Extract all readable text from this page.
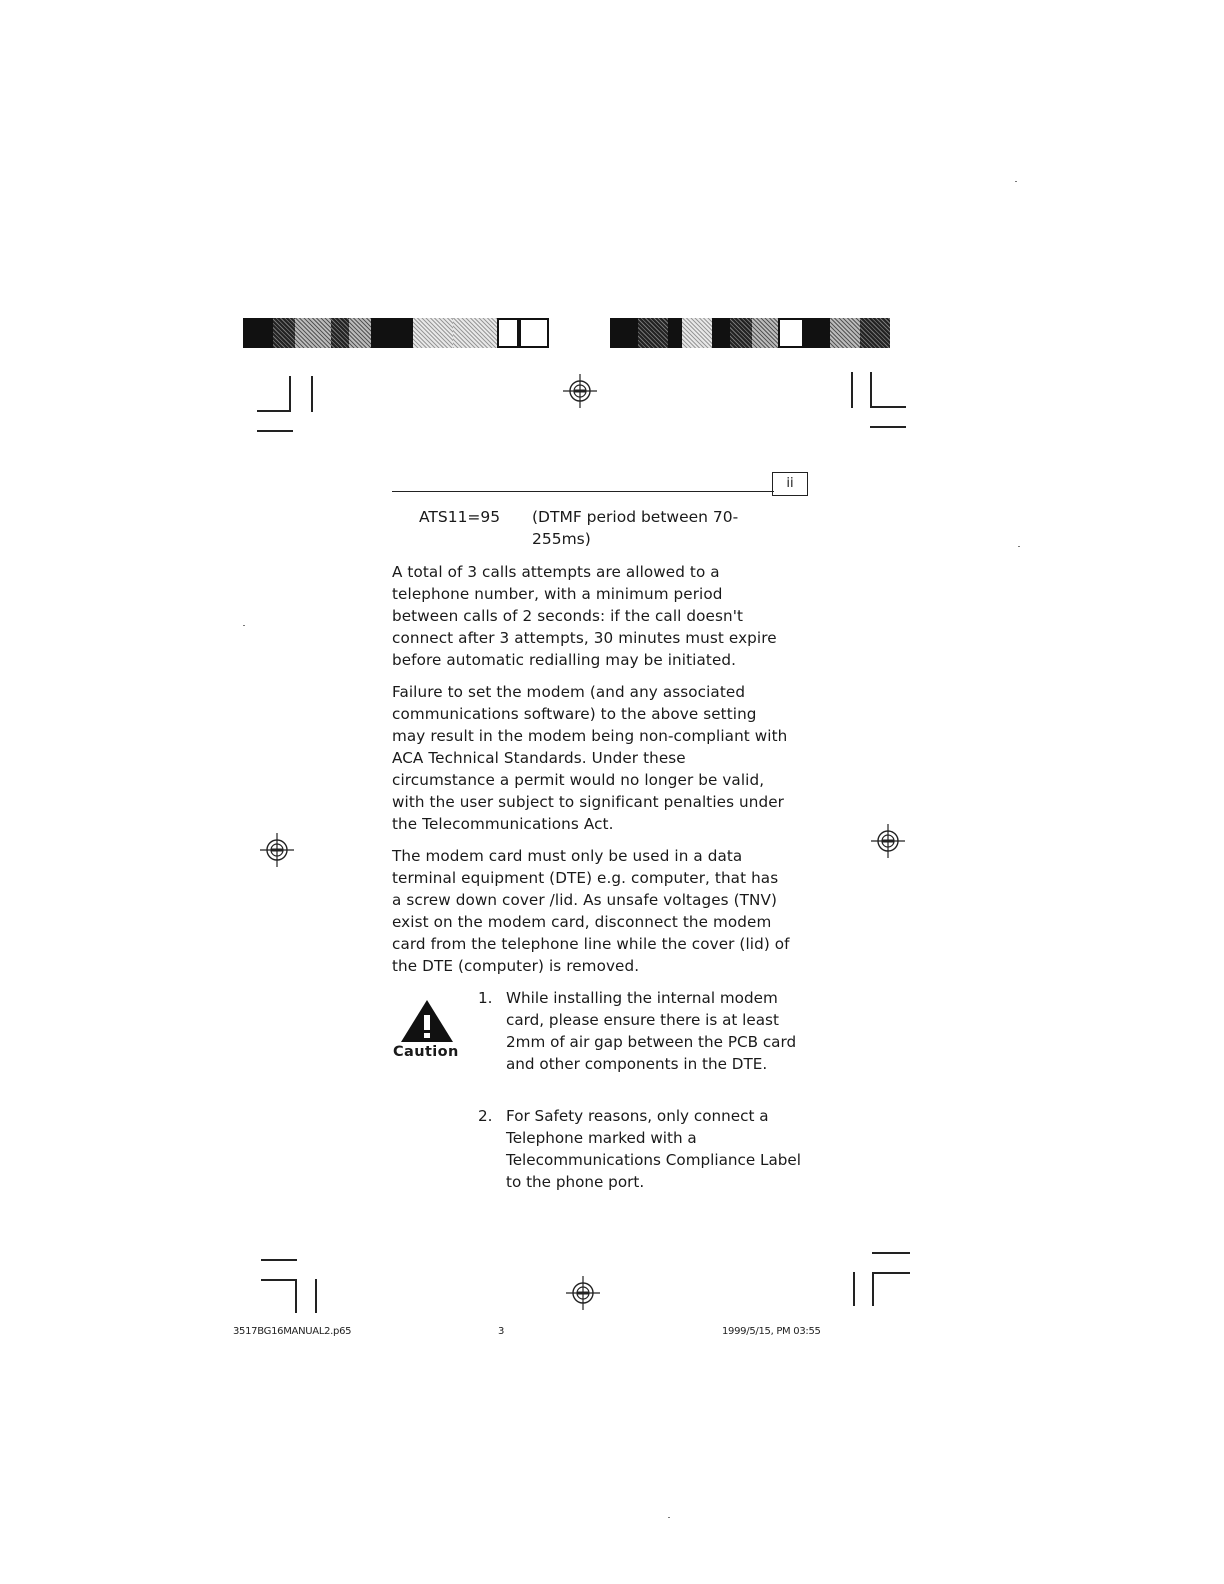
ii
ATS11=95 (DTMF period between 70-255ms)
A total of 3 calls attempts are allowed to a telephone number, with a minimum period between calls of 2 seconds: if the call doesn't connect after 3 attempts, 30 minutes must expire before automatic redialling may be initiated.
Failure to set the modem (and any associated communications software) to the above setting may result in the modem being non-compliant with ACA Technical Standards. Under these circumstance a permit would no longer be valid, with the user subject to significant penalties under the Telecommunications Act.
The modem card must only be used in a data terminal equipment (DTE) e.g. computer, that has a screw down cover /lid. As unsafe voltages (TNV) exist on the modem card, disconnect the modem card from the telephone line while the cover (lid) of the DTE (computer) is removed.
Caution
1. While installing the internal modem card, please ensure there is at least 2mm of air gap between the PCB card and other components in the DTE.
2. For Safety reasons, only connect a Telephone marked with a Telecommunications Compliance Label to the phone port.
3517BG16MANUAL2.p65	3	1999/5/15, PM 03:55
